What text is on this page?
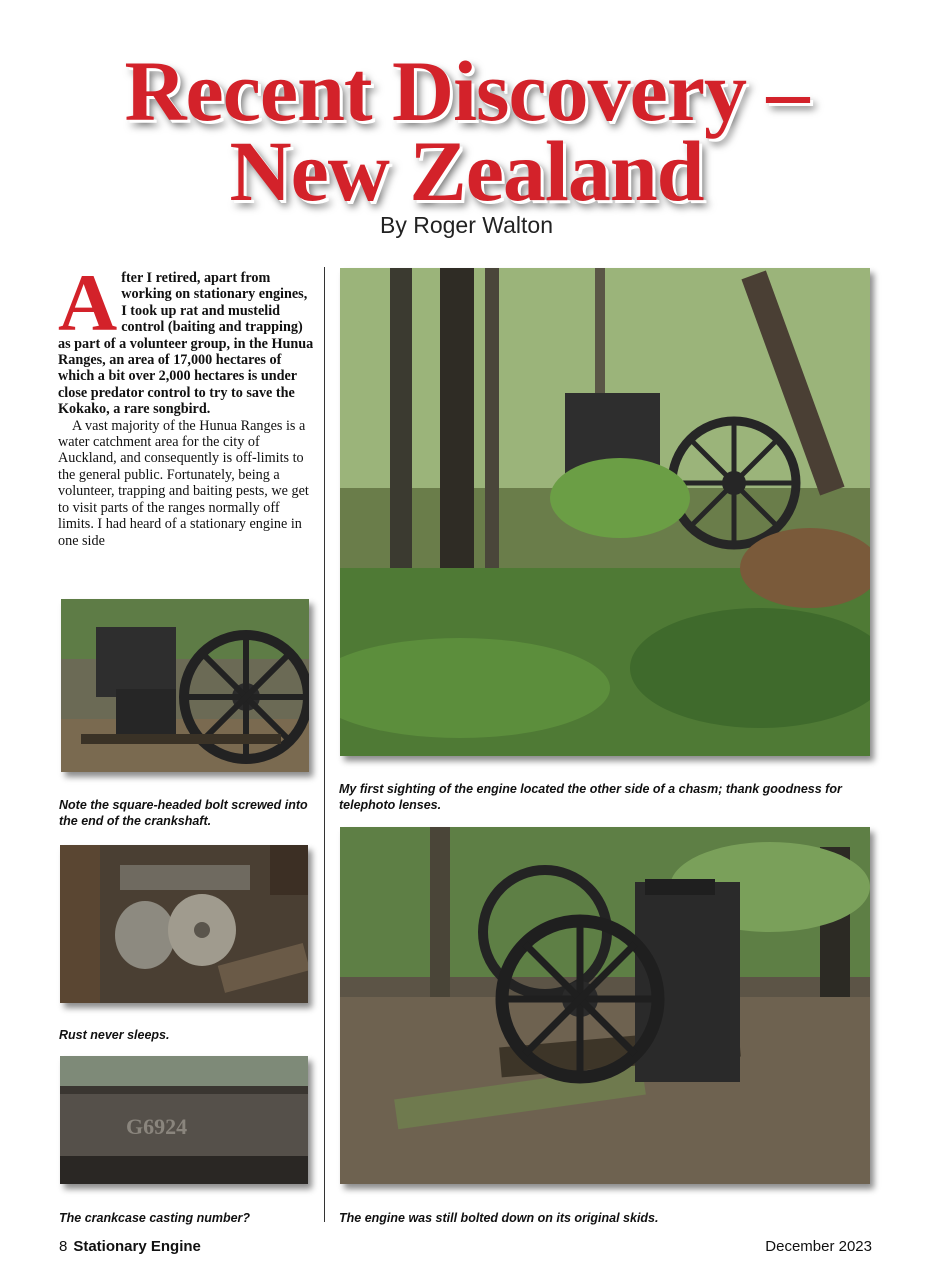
Recent Discovery –
New Zealand
By Roger Walton

A fter I retired, apart from working on stationary engines, I took up rat and mustelid control (baiting and trapping) as part of a volunteer group, in the Hunua Ranges, an area of 17,000 hectares of which a bit over 2,000 hectares is under close predator control to try to save the Kokako, a rare songbird.
A vast majority of the Hunua Ranges is a water catchment area for the city of Auckland, and consequently is off-limits to the general public. Fortunately, being a volunteer, trapping and baiting pests, we get to visit parts of the ranges normally off limits. I had heard of a stationary engine in one side

Note the square-headed bolt screwed into the end of the crankshaft.

Rust never sleeps.

G6924

The crankcase casting number?

My first sighting of the engine located the other side of a chasm; thank goodness for telephoto lenses.

The engine was still bolted down on its original skids.

8 Stationary Engine	December 2023
